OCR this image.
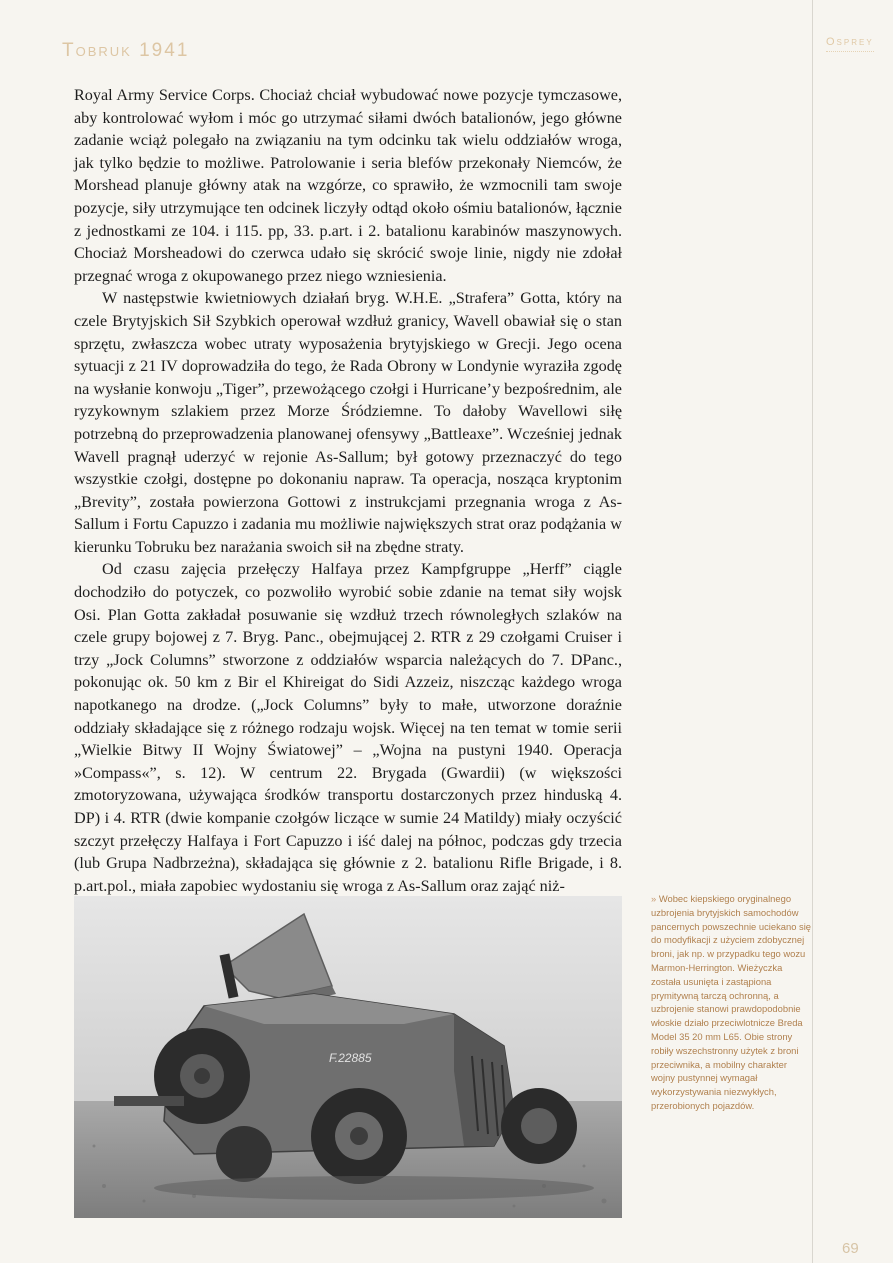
Tobruk 1941	Osprey

Royal Army Service Corps. Chociaż chciał wybudować nowe pozycje tymczasowe, aby kontrolować wyłom i móc go utrzymać siłami dwóch batalionów, jego główne zadanie wciąż polegało na związaniu na tym odcinku tak wielu oddziałów wroga, jak tylko będzie to możliwe. Patrolowanie i seria blefów przekonały Niemców, że Morshead planuje główny atak na wzgórze, co sprawiło, że wzmocnili tam swoje pozycje, siły utrzymujące ten odcinek liczyły odtąd około ośmiu batalionów, łącznie z jednostkami ze 104. i 115. pp, 33. p.art. i 2. batalionu karabinów maszynowych. Chociaż Morsheadowi do czerwca udało się skrócić swoje linie, nigdy nie zdołał przegnać wroga z okupowanego przez niego wzniesienia.

W następstwie kwietniowych działań bryg. W.H.E. „Strafera” Gotta, który na czele Brytyjskich Sił Szybkich operował wzdłuż granicy, Wavell obawiał się o stan sprzętu, zwłaszcza wobec utraty wyposażenia brytyjskiego w Grecji. Jego ocena sytuacji z 21 IV doprowadziła do tego, że Rada Obrony w Londynie wyraziła zgodę na wysłanie konwoju „Tiger”, przewożącego czołgi i Hurricane’y bezpośrednim, ale ryzykownym szlakiem przez Morze Śródziemne. To dałoby Wavellowi siłę potrzebną do przeprowadzenia planowanej ofensywy „Battleaxe”. Wcześniej jednak Wavell pragnął uderzyć w rejonie As-Sallum; był gotowy przeznaczyć do tego wszystkie czołgi, dostępne po dokonaniu napraw. Ta operacja, nosząca kryptonim „Brevity”, została powierzona Gottowi z instrukcjami przegnania wroga z As-Sallum i Fortu Capuzzo i zadania mu możliwie największych strat oraz podążania w kierunku Tobruku bez narażania swoich sił na zbędne straty.

Od czasu zajęcia przełęczy Halfaya przez Kampfgruppe „Herff” ciągle dochodziło do potyczek, co pozwoliło wyrobić sobie zdanie na temat siły wojsk Osi. Plan Gotta zakładał posuwanie się wzdłuż trzech równoległych szlaków na czele grupy bojowej z 7. Bryg. Panc., obejmującej 2. RTR z 29 czołgami Cruiser i trzy „Jock Columns” stworzone z oddziałów wsparcia należących do 7. DPanc., pokonując ok. 50 km z Bir el Khireigat do Sidi Azzeiz, niszcząc każdego wroga napotkanego na drodze. („Jock Columns” były to małe, utworzone doraźnie oddziały składające się z różnego rodzaju wojsk. Więcej na ten temat w tomie serii „Wielkie Bitwy II Wojny Światowej” – „Wojna na pustyni 1940. Operacja »Compass«”, s. 12). W centrum 22. Brygada (Gwardii) (w większości zmotoryzowana, używająca środków transportu dostarczonych przez hinduską 4. DP) i 4. RTR (dwie kompanie czołgów liczące w sumie 24 Matildy) miały oczyścić szczyt przełęczy Halfaya i Fort Capuzzo i iść dalej na północ, podczas gdy trzecia (lub Grupa Nadbrzeżna), składająca się głównie z 2. batalionu Rifle Brigade, i 8. p.art.pol., miała zapobiec wydostaniu się wroga z As-Sallum oraz zająć niż-

F.22885
» Wobec kiepskiego oryginalnego uzbrojenia brytyjskich samochodów pancernych powszechnie uciekano się do modyfikacji z użyciem zdobycznej broni, jak np. w przypadku tego wozu Marmon-Herrington. Wieżyczka została usunięta i zastąpiona prymitywną tarczą ochronną, a uzbrojenie stanowi prawdopodobnie włoskie działo przeciwlotnicze Breda Model 35 20 mm L65. Obie strony robiły wszechstronny użytek z broni przeciwnika, a mobilny charakter wojny pustynnej wymagał wykorzystywania niezwykłych, przerobionych pojazdów.
69
